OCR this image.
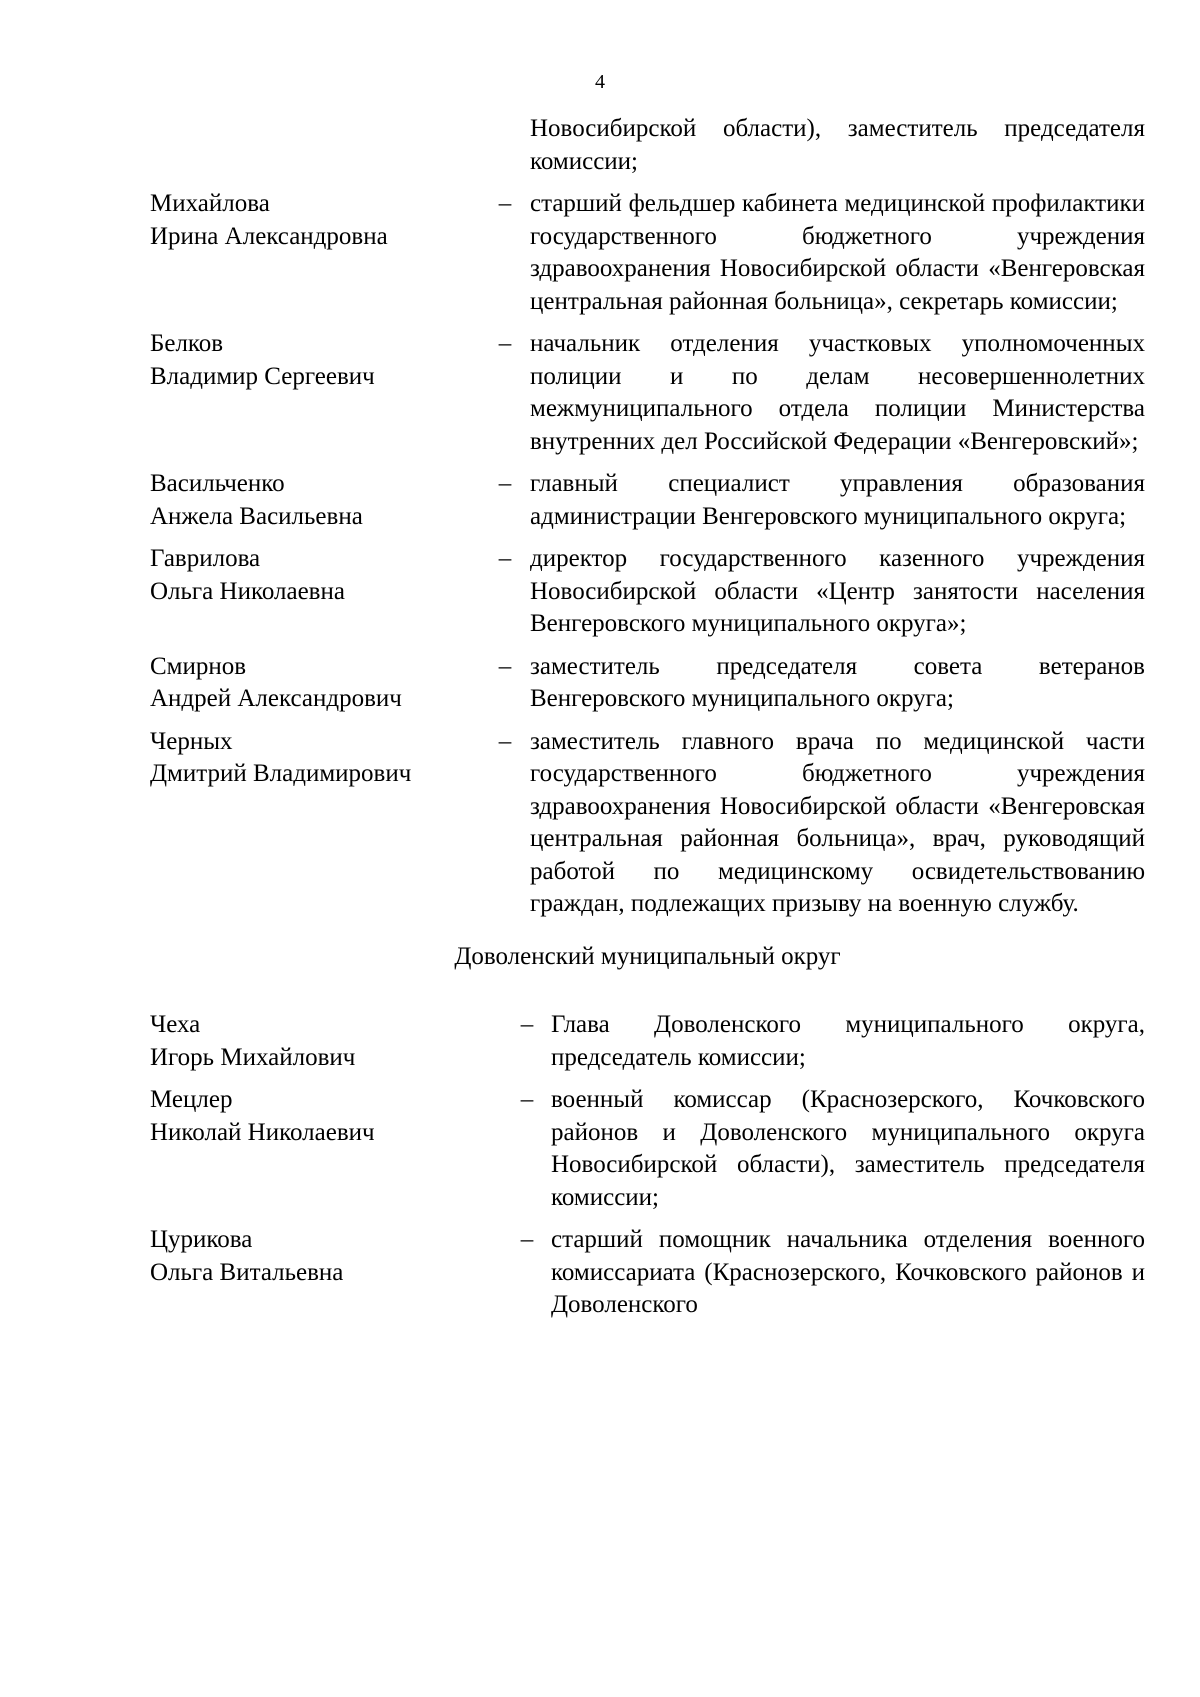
4
Новосибирской области), заместитель председателя комиссии;
Михайлова
Ирина Александровна
– старший фельдшер кабинета медицинской профилактики государственного бюджетного учреждения здравоохранения Новосибирской области «Венгеровская центральная районная больница», секретарь комиссии;
Белков
Владимир Сергеевич
– начальник отделения участковых уполномоченных полиции и по делам несовершеннолетних межмуниципального отдела полиции Министерства внутренних дел Российской Федерации «Венгеровский»;
Васильченко
Анжела Васильевна
– главный специалист управления образования администрации Венгеровского муниципального округа;
Гаврилова
Ольга Николаевна
– директор государственного казенного учреждения Новосибирской области «Центр занятости населения Венгеровского муниципального округа»;
Смирнов
Андрей Александрович
– заместитель председателя совета ветеранов Венгеровского муниципального округа;
Черных
Дмитрий Владимирович
– заместитель главного врача по медицинской части государственного бюджетного учреждения здравоохранения Новосибирской области «Венгеровская центральная районная больница», врач, руководящий работой по медицинскому освидетельствованию граждан, подлежащих призыву на военную службу.
Доволенский муниципальный округ
Чеха
Игорь Михайлович
– Глава Доволенского муниципального округа, председатель комиссии;
Мецлер
Николай Николаевич
– военный комиссар (Краснозерского, Кочковского районов и Доволенского муниципального округа Новосибирской области), заместитель председателя комиссии;
Цурикова
Ольга Витальевна
– старший помощник начальника отделения военного комиссариата (Краснозерского, Кочковского районов и Доволенского
